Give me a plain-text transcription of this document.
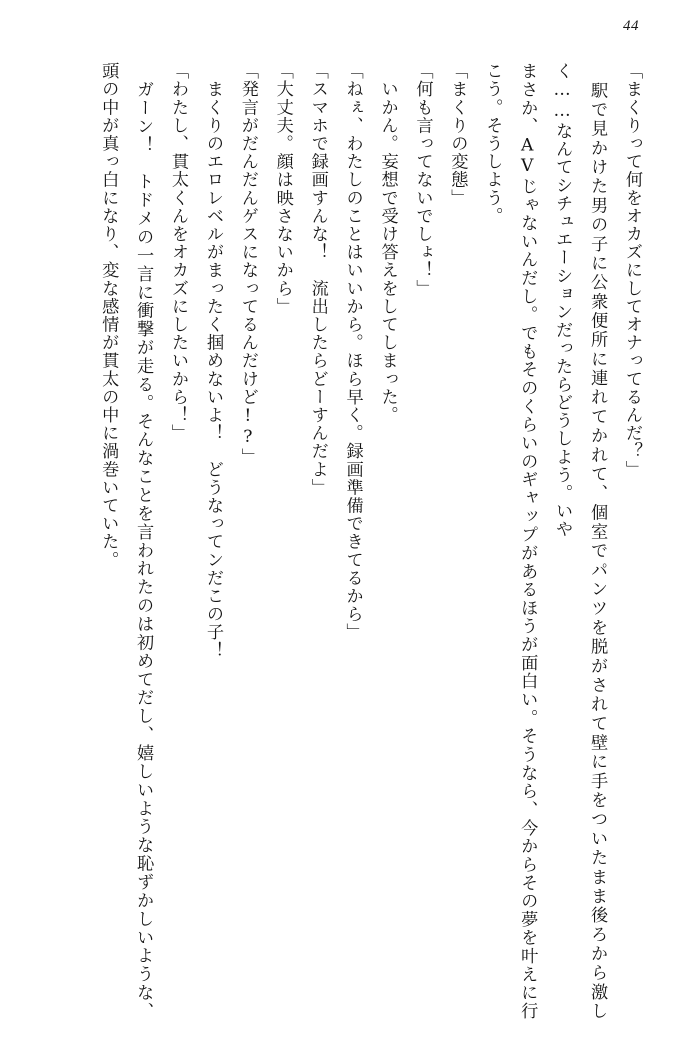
44

「まくりって何をオカズにしてオナってるんだ？」

　駅で見かけた男の子に公衆便所に連れてかれて、個室でパンツを脱がされて壁に手をついたまま後ろから激しく……なんてシチュエーションだったらどうしよう。いや

まさか、AVじゃないんだし。でもそのくらいのギャップがあるほうが面白い。そうなら、今からその夢を叶えに行こう。そうしよう。

「まくりの変態」

「何も言ってないでしょ！」

　いかん。妄想で受け答えをしてしまった。

「ねぇ、わたしのことはいいから。ほら早く。録画準備できてるから」

「スマホで録画すんな！　流出したらどーすんだよ」

「大丈夫。顔は映さないから」

「発言がだんだんゲスになってるんだけど!?」

　まくりのエロレベルがまったく掴めないよ！　どうなってンだこの子！

「わたし、貫太くんをオカズにしたいから！」

　ガーン！　トドメの一言に衝撃が走る。そんなことを言われたのは初めてだし、嬉しいような恥ずかしいような、頭の中が真っ白になり、変な感情が貫太の中に渦巻いていた。
